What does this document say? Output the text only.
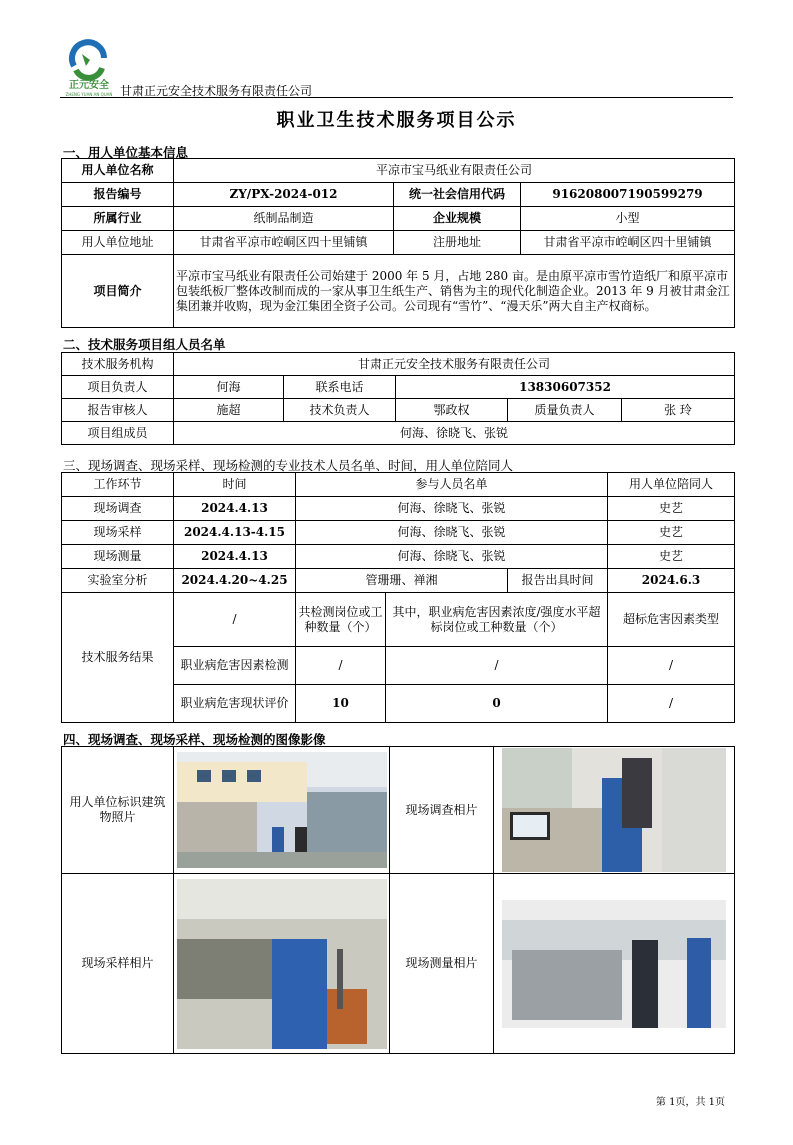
正元安全
ZHENG YUAN AN QUAN 甘肃正元安全技术服务有限责任公司
职业卫生技术服务项目公示
一、用人单位基本信息
用人单位名称	平凉市宝马纸业有限责任公司		
报告编号	ZY/PX-2024-012	统一社会信用代码	916208007190599279
所属行业	纸制品制造	企业规模	小型
用人单位地址	甘肃省平凉市崆峒区四十里铺镇	注册地址	甘肃省平凉市崆峒区四十里铺镇
项目简介	平凉市宝马纸业有限责任公司始建于 2000 年 5 月，占地 280 亩。是由原平凉市雪竹造纸厂和原平凉市包装纸板厂整体改制而成的一家从事卫生纸生产、销售为主的现代化制造企业。2013 年 9 月被甘肃金江集团兼并收购，现为金江集团全资子公司。公司现有“雪竹”、“漫天乐”两大自主产权商标。		
二、技术服务项目组人员名单
技术服务机构	甘肃正元安全技术服务有限责任公司				
项目负责人	何海	联系电话	13830607352		
报告审核人	施超	技术负责人	鄂政权	质量负责人	张 玲
项目组成员	何海、徐晓飞、张锐				
三、现场调查、现场采样、现场检测的专业技术人员名单、时间，用人单位陪同人
工作环节	时间	参与人员名单		用人单位陪同人
现场调查	2024.4.13	何海、徐晓飞、张锐		史艺
现场采样	2024.4.13-4.15	何海、徐晓飞、张锐		史艺
现场测量	2024.4.13	何海、徐晓飞、张锐		史艺
实验室分析	2024.4.20~4.25	管珊珊、禅湘	报告出具时间	2024.6.3
技术服务结果	/	共检测岗位或工种数量（个）	其中，职业病危害因素浓度/强度水平超标岗位或工种数量（个）	超标危害因素类型
	职业病危害因素检测	/	/	/
	职业病危害现状评价	10	0	/
四、现场调查、现场采样、现场检测的图像影像
用人单位标识建筑物照片		现场调查相片	

现场采样相片		现场测量相片	
第 1页，共 1页
